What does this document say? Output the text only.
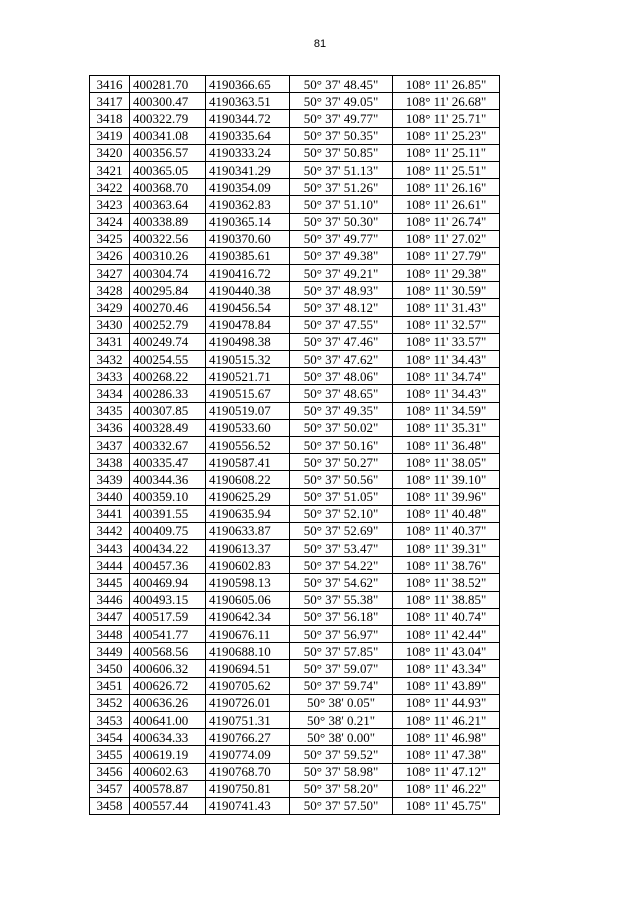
81
3416	400281.70	4190366.65	50° 37' 48.45"	108° 11' 26.85"
3417	400300.47	4190363.51	50° 37' 49.05"	108° 11' 26.68"
3418	400322.79	4190344.72	50° 37' 49.77"	108° 11' 25.71"
3419	400341.08	4190335.64	50° 37' 50.35"	108° 11' 25.23"
3420	400356.57	4190333.24	50° 37' 50.85"	108° 11' 25.11"
3421	400365.05	4190341.29	50° 37' 51.13"	108° 11' 25.51"
3422	400368.70	4190354.09	50° 37' 51.26"	108° 11' 26.16"
3423	400363.64	4190362.83	50° 37' 51.10"	108° 11' 26.61"
3424	400338.89	4190365.14	50° 37' 50.30"	108° 11' 26.74"
3425	400322.56	4190370.60	50° 37' 49.77"	108° 11' 27.02"
3426	400310.26	4190385.61	50° 37' 49.38"	108° 11' 27.79"
3427	400304.74	4190416.72	50° 37' 49.21"	108° 11' 29.38"
3428	400295.84	4190440.38	50° 37' 48.93"	108° 11' 30.59"
3429	400270.46	4190456.54	50° 37' 48.12"	108° 11' 31.43"
3430	400252.79	4190478.84	50° 37' 47.55"	108° 11' 32.57"
3431	400249.74	4190498.38	50° 37' 47.46"	108° 11' 33.57"
3432	400254.55	4190515.32	50° 37' 47.62"	108° 11' 34.43"
3433	400268.22	4190521.71	50° 37' 48.06"	108° 11' 34.74"
3434	400286.33	4190515.67	50° 37' 48.65"	108° 11' 34.43"
3435	400307.85	4190519.07	50° 37' 49.35"	108° 11' 34.59"
3436	400328.49	4190533.60	50° 37' 50.02"	108° 11' 35.31"
3437	400332.67	4190556.52	50° 37' 50.16"	108° 11' 36.48"
3438	400335.47	4190587.41	50° 37' 50.27"	108° 11' 38.05"
3439	400344.36	4190608.22	50° 37' 50.56"	108° 11' 39.10"
3440	400359.10	4190625.29	50° 37' 51.05"	108° 11' 39.96"
3441	400391.55	4190635.94	50° 37' 52.10"	108° 11' 40.48"
3442	400409.75	4190633.87	50° 37' 52.69"	108° 11' 40.37"
3443	400434.22	4190613.37	50° 37' 53.47"	108° 11' 39.31"
3444	400457.36	4190602.83	50° 37' 54.22"	108° 11' 38.76"
3445	400469.94	4190598.13	50° 37' 54.62"	108° 11' 38.52"
3446	400493.15	4190605.06	50° 37' 55.38"	108° 11' 38.85"
3447	400517.59	4190642.34	50° 37' 56.18"	108° 11' 40.74"
3448	400541.77	4190676.11	50° 37' 56.97"	108° 11' 42.44"
3449	400568.56	4190688.10	50° 37' 57.85"	108° 11' 43.04"
3450	400606.32	4190694.51	50° 37' 59.07"	108° 11' 43.34"
3451	400626.72	4190705.62	50° 37' 59.74"	108° 11' 43.89"
3452	400636.26	4190726.01	50° 38' 0.05"	108° 11' 44.93"
3453	400641.00	4190751.31	50° 38' 0.21"	108° 11' 46.21"
3454	400634.33	4190766.27	50° 38' 0.00"	108° 11' 46.98"
3455	400619.19	4190774.09	50° 37' 59.52"	108° 11' 47.38"
3456	400602.63	4190768.70	50° 37' 58.98"	108° 11' 47.12"
3457	400578.87	4190750.81	50° 37' 58.20"	108° 11' 46.22"
3458	400557.44	4190741.43	50° 37' 57.50"	108° 11' 45.75"
